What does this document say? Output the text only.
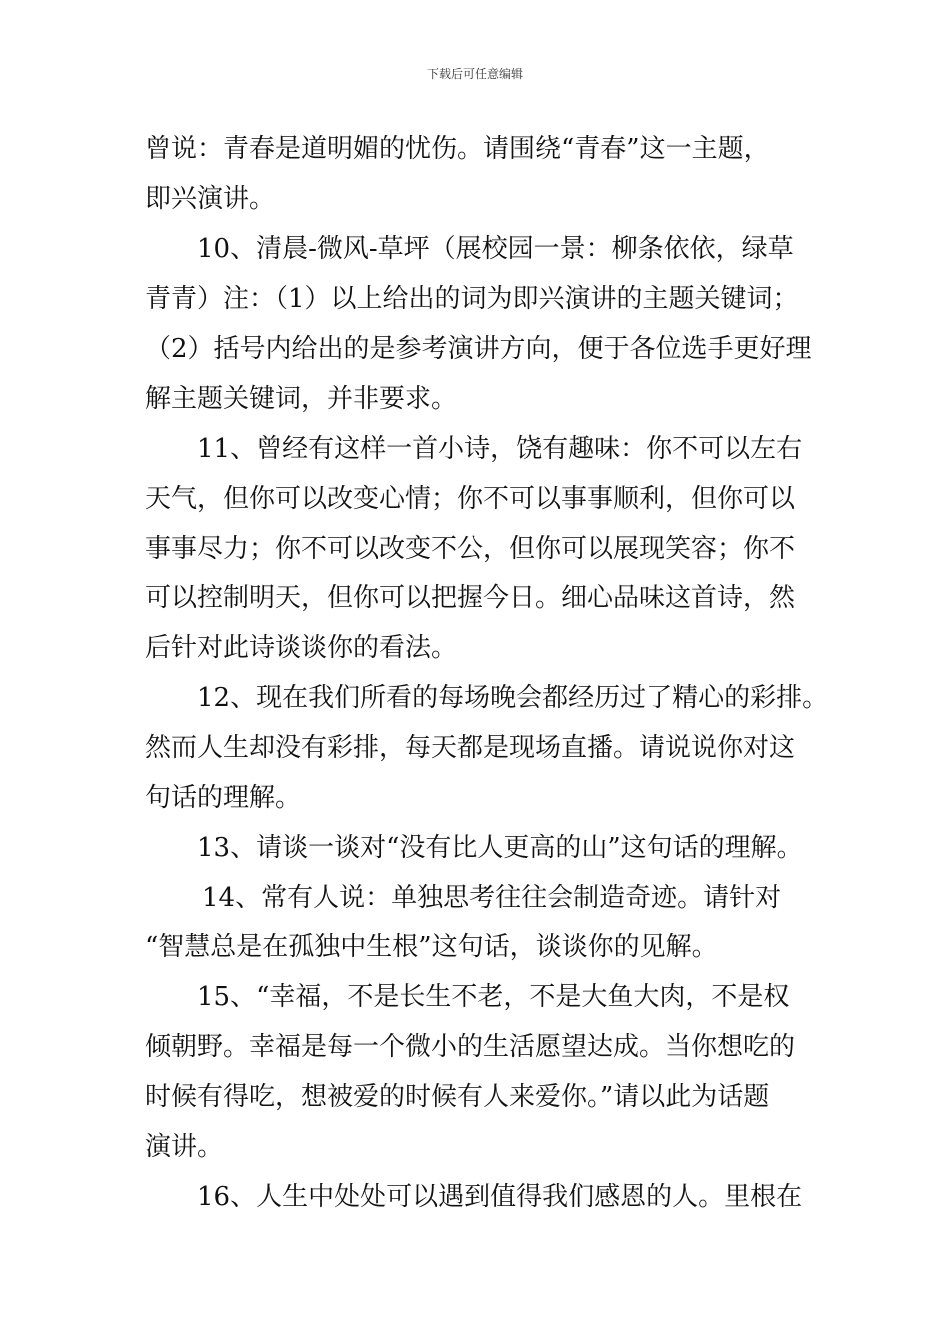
下载后可任意编辑
曾说：青春是道明媚的忧伤。请围绕“青春”这一主题，
即兴演讲。
10、清晨-微风-草坪（展校园一景：柳条依依，绿草
青青）注：（1）以上给出的词为即兴演讲的主题关键词；
（2）括号内给出的是参考演讲方向，便于各位选手更好理
解主题关键词，并非要求。
11、曾经有这样一首小诗，饶有趣味：你不可以左右
天气，但你可以改变心情；你不可以事事顺利，但你可以
事事尽力；你不可以改变不公，但你可以展现笑容；你不
可以控制明天，但你可以把握今日。细心品味这首诗，然
后针对此诗谈谈你的看法。
12、现在我们所看的每场晚会都经历过了精心的彩排。
然而人生却没有彩排，每天都是现场直播。请说说你对这
句话的理解。
13、请谈一谈对“没有比人更高的山”这句话的理解。
14、常有人说：单独思考往往会制造奇迹。请针对
“智慧总是在孤独中生根”这句话，谈谈你的见解。
15、“幸福，不是长生不老，不是大鱼大肉，不是权
倾朝野。幸福是每一个微小的生活愿望达成。当你想吃的
时候有得吃，想被爱的时候有人来爱你。”请以此为话题
演讲。
16、人生中处处可以遇到值得我们感恩的人。里根在
